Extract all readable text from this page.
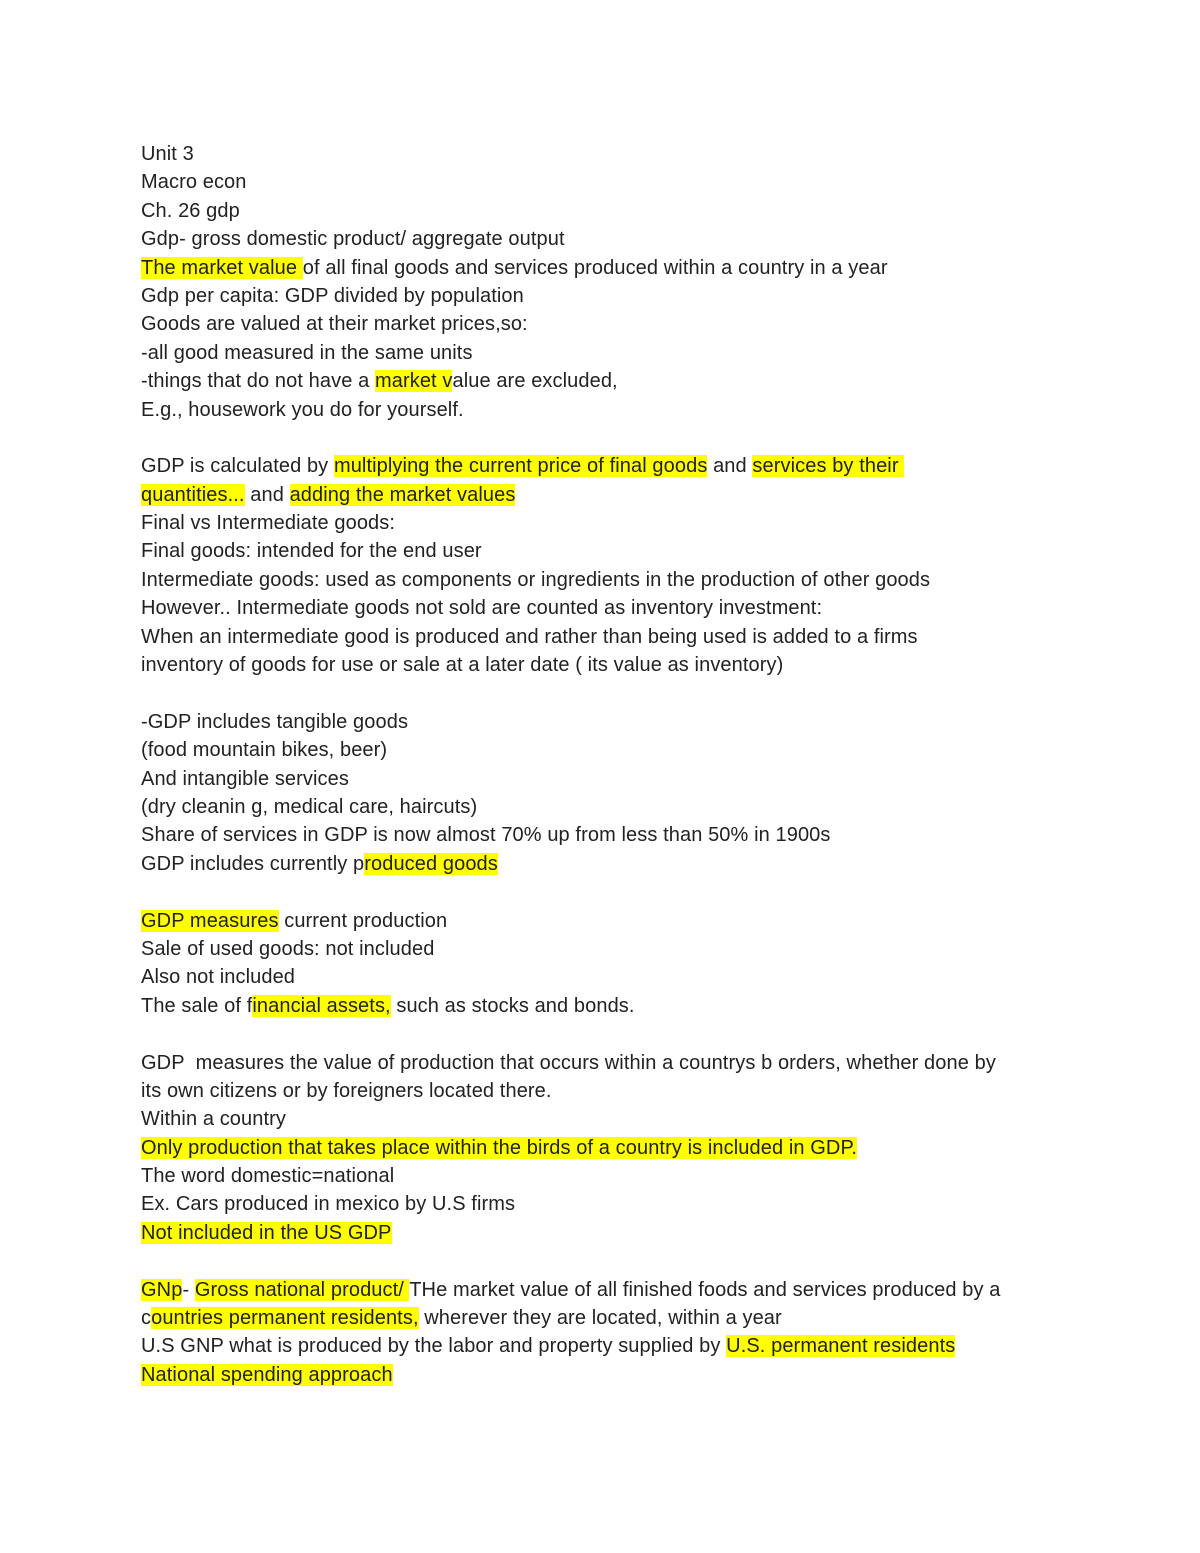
Unit 3
Macro econ
Ch. 26 gdp
Gdp- gross domestic product/ aggregate output
The market value of all final goods and services produced within a country in a year
Gdp per capita: GDP divided by population
Goods are valued at their market prices,so:
-all good measured in the same units
-things that do not have a market value are excluded,
E.g., housework you do for yourself.
GDP is calculated by multiplying the current price of final goods and services by their
quantities... and adding the market values
Final vs Intermediate goods:
Final goods: intended for the end user
Intermediate goods: used as components or ingredients in the production of other goods
However.. Intermediate goods not sold are counted as inventory investment:
When an intermediate good is produced and rather than being used is added to a firms
inventory of goods for use or sale at a later date ( its value as inventory)
-GDP includes tangible goods
(food mountain bikes, beer)
And intangible services
(dry cleanin g, medical care, haircuts)
Share of services in GDP is now almost 70% up from less than 50% in 1900s
GDP includes currently produced goods
GDP measures current production
Sale of used goods: not included
Also not included
The sale of financial assets, such as stocks and bonds.
GDP  measures the value of production that occurs within a countrys b orders, whether done by
its own citizens or by foreigners located there.
Within a country
Only production that takes place within the birds of a country is included in GDP.
The word domestic=national
Ex. Cars produced in mexico by U.S firms
Not included in the US GDP
GNp- Gross national product/ THe market value of all finished foods and services produced by a
countries permanent residents, wherever they are located, within a year
U.S GNP what is produced by the labor and property supplied by U.S. permanent residents
National spending approach
